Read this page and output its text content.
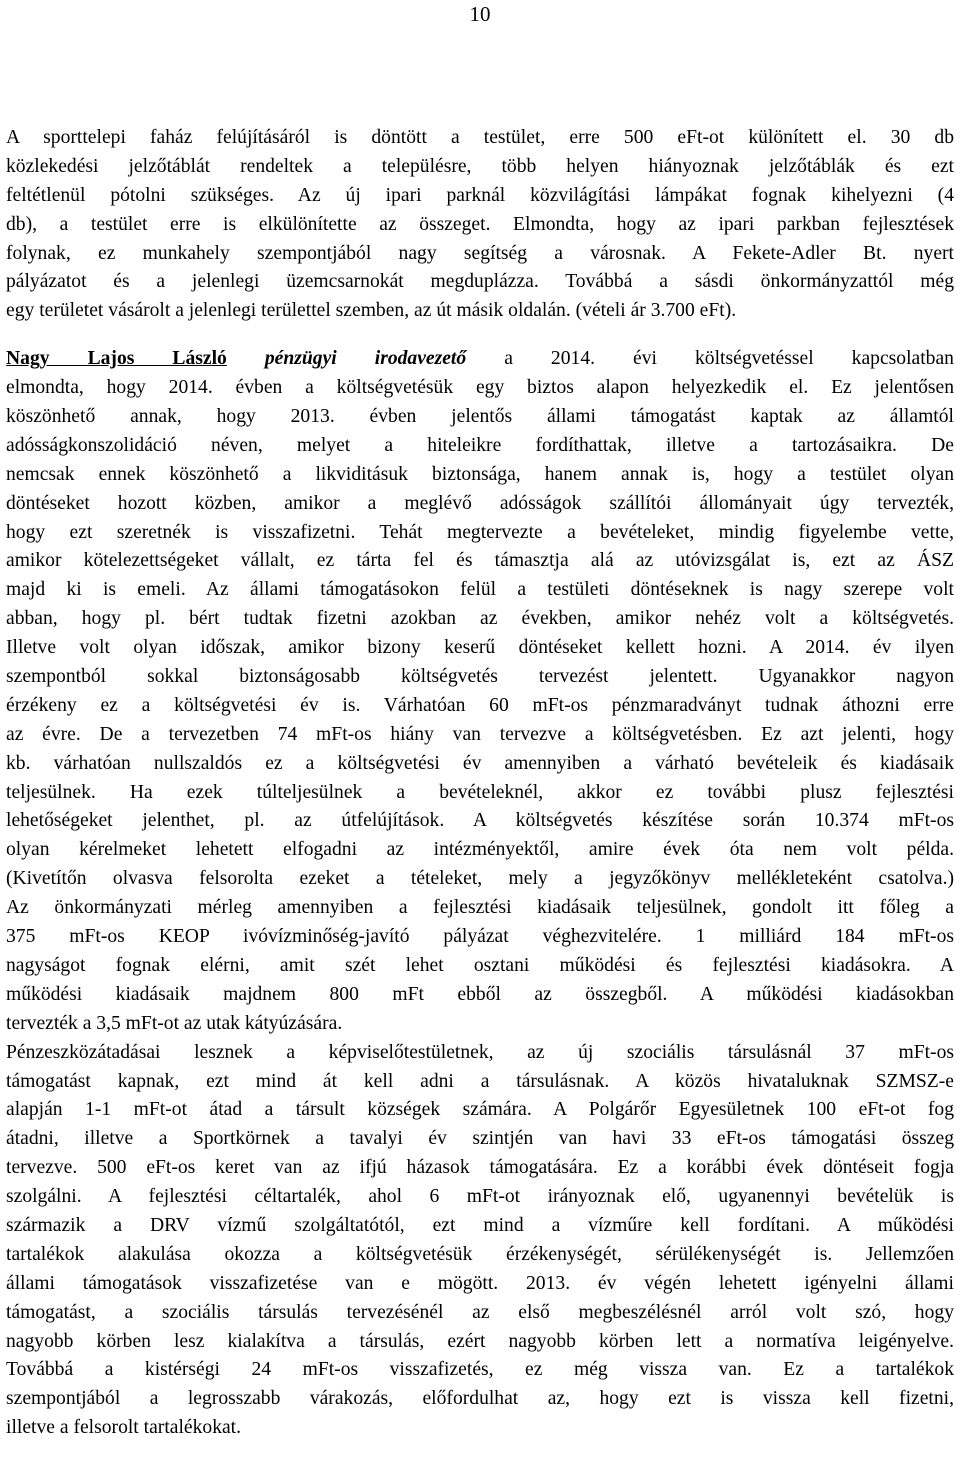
10
A sporttelepi faház felújításáról is döntött a testület, erre 500 eFt-ot különített el. 30 db
közlekedési jelzőtáblát rendeltek a településre, több helyen hiányoznak jelzőtáblák és ezt
feltétlenül pótolni szükséges. Az új ipari parknál közvilágítási lámpákat fognak kihelyezni (4
db), a testület erre is elkülönítette az összeget. Elmondta, hogy az ipari parkban fejlesztések
folynak, ez munkahely szempontjából nagy segítség a városnak. A Fekete-Adler Bt. nyert
pályázatot és a jelenlegi üzemcsarnokát megduplázza. Továbbá a sásdi önkormányzattól még
egy területet vásárolt a jelenlegi területtel szemben, az út másik oldalán. (vételi ár 3.700 eFt).
Nagy Lajos László pénzügyi irodavezető a 2014. évi költségvetéssel kapcsolatban
elmondta, hogy 2014. évben a költségvetésük egy biztos alapon helyezkedik el. Ez jelentősen
köszönhető annak, hogy 2013. évben jelentős állami támogatást kaptak az államtól
adósságkonszolidáció néven, melyet a hiteleikre fordíthattak, illetve a tartozásaikra. De
nemcsak ennek köszönhető a likviditásuk biztonsága, hanem annak is, hogy a testület olyan
döntéseket hozott közben, amikor a meglévő adósságok szállítói állományait úgy tervezték,
hogy ezt szeretnék is visszafizetni. Tehát megtervezte a bevételeket, mindig figyelembe vette,
amikor kötelezettségeket vállalt, ez tárta fel és támasztja alá az utóvizsgálat is, ezt az ÁSZ
majd ki is emeli. Az állami támogatásokon felül a testületi döntéseknek is nagy szerepe volt
abban, hogy pl. bért tudtak fizetni azokban az években, amikor nehéz volt a költségvetés.
Illetve volt olyan időszak, amikor bizony keserű döntéseket kellett hozni. A 2014. év ilyen
szempontból sokkal biztonságosabb költségvetés tervezést jelentett. Ugyanakkor nagyon
érzékeny ez a költségvetési év is. Várhatóan 60 mFt-os pénzmaradványt tudnak áthozni erre
az évre. De a tervezetben 74 mFt-os hiány van tervezve a költségvetésben. Ez azt jelenti, hogy
kb. várhatóan nullszaldós ez a költségvetési év amennyiben a várható bevételeik és kiadásaik
teljesülnek. Ha ezek túlteljesülnek a bevételeknél, akkor ez további plusz fejlesztési
lehetőségeket jelenthet, pl. az útfelújítások. A költségvetés készítése során 10.374 mFt-os
olyan kérelmeket lehetett elfogadni az intézményektől, amire évek óta nem volt példa.
(Kivetítőn olvasva felsorolta ezeket a tételeket, mely a jegyzőkönyv mellékleteként csatolva.)
Az önkormányzati mérleg amennyiben a fejlesztési kiadásaik teljesülnek, gondolt itt főleg a
375 mFt-os KEOP ivóvízminőség-javító pályázat véghezvitelére. 1 milliárd 184 mFt-os
nagyságot fognak elérni, amit szét lehet osztani működési és fejlesztési kiadásokra. A
működési kiadásaik majdnem 800 mFt ebből az összegből. A működési kiadásokban
tervezték a 3,5 mFt-ot az utak kátyúzására.
Pénzeszközátadásai lesznek a képviselőtestületnek, az új szociális társulásnál 37 mFt-os
támogatást kapnak, ezt mind át kell adni a társulásnak. A közös hivataluknak SZMSZ-e
alapján 1-1 mFt-ot átad a társult községek számára. A Polgárőr Egyesületnek 100 eFt-ot fog
átadni, illetve a Sportkörnek a tavalyi év szintjén van havi 33 eFt-os támogatási összeg
tervezve. 500 eFt-os keret van az ifjú házasok támogatására. Ez a korábbi évek döntéseit fogja
szolgálni. A fejlesztési céltartalék, ahol 6 mFt-ot irányoznak elő, ugyanennyi bevételük is
származik a DRV vízmű szolgáltatótól, ezt mind a vízműre kell fordítani. A működési
tartalékok alakulása okozza a költségvetésük érzékenységét, sérülékenységét is. Jellemzően
állami támogatások visszafizetése van e mögött. 2013. év végén lehetett igényelni állami
támogatást, a szociális társulás tervezésénél az első megbeszélésnél arról volt szó, hogy
nagyobb körben lesz kialakítva a társulás, ezért nagyobb körben lett a normatíva leigényelve.
Továbbá a kistérségi 24 mFt-os visszafizetés, ez még vissza van. Ez a tartalékok
szempontjából a legrosszabb várakozás, előfordulhat az, hogy ezt is vissza kell fizetni,
illetve a felsorolt tartalékokat.
